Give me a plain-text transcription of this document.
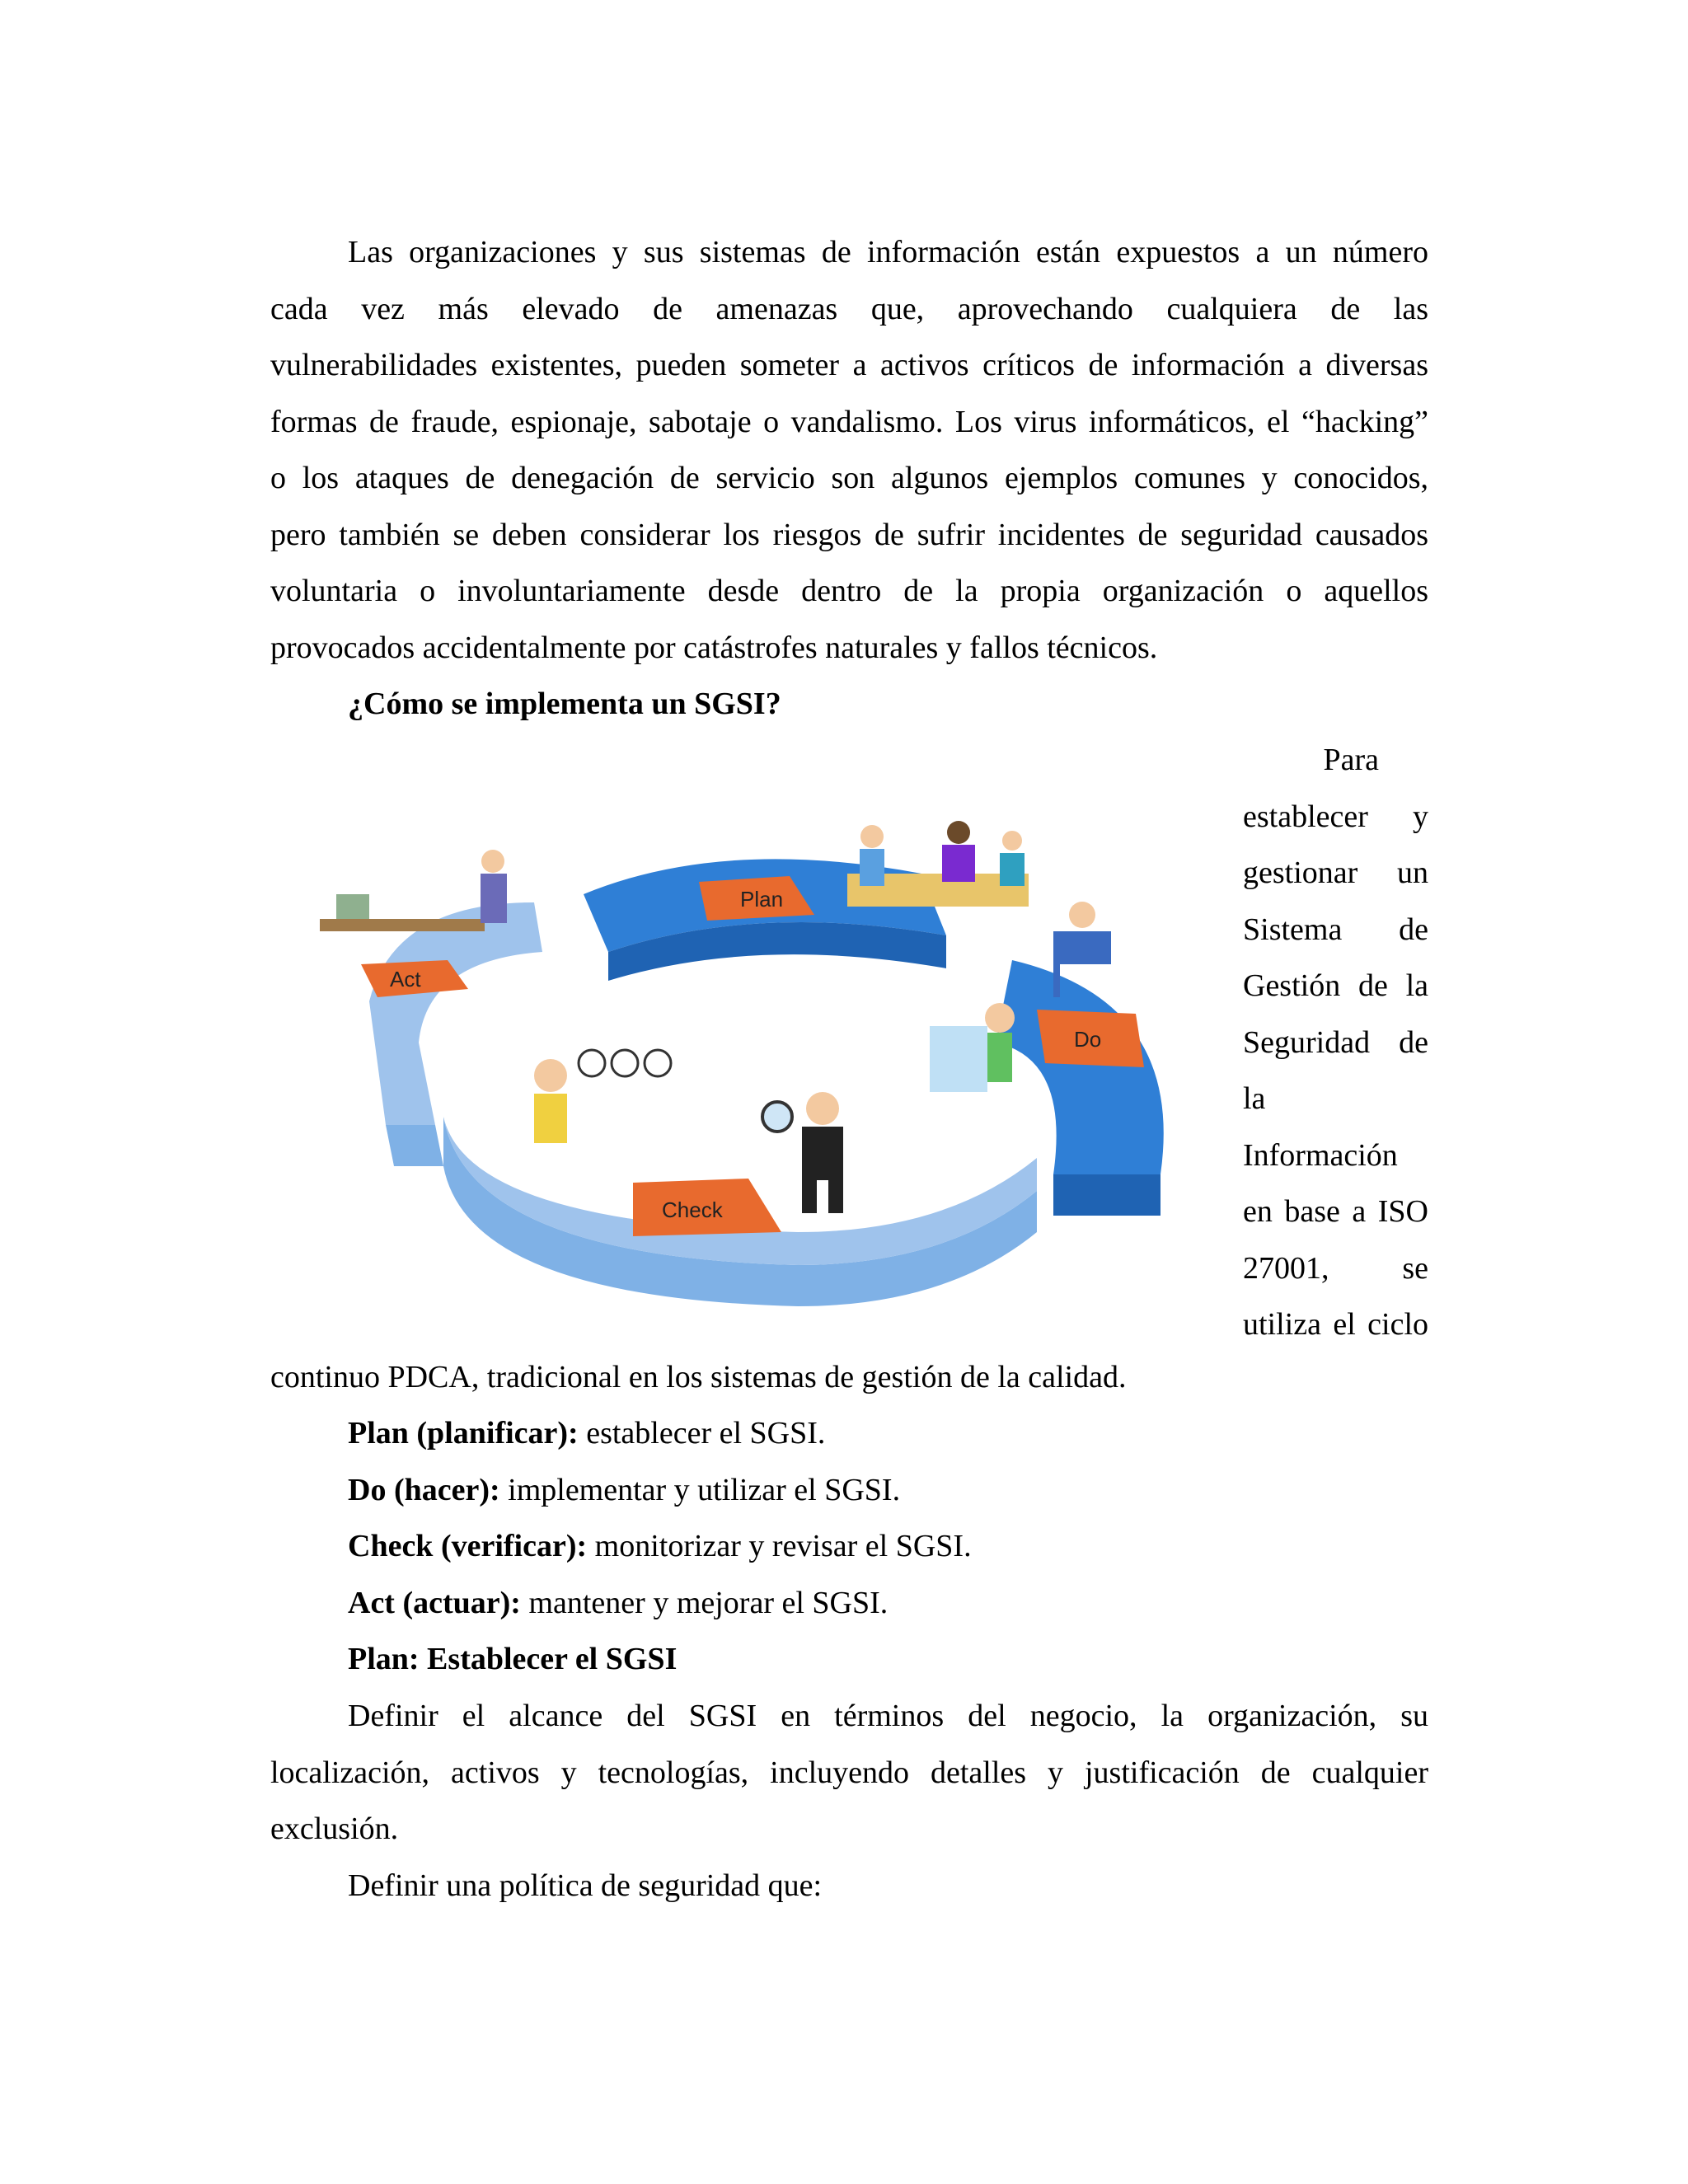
Las organizaciones y sus sistemas de información están expuestos a un número
cada vez más elevado de amenazas que, aprovechando cualquiera de las
vulnerabilidades existentes, pueden someter a activos críticos de información a diversas
formas de fraude, espionaje, sabotaje o vandalismo. Los virus informáticos, el “hacking”
o los ataques de denegación de servicio son algunos ejemplos comunes y conocidos,
pero también se deben considerar los riesgos de sufrir incidentes de seguridad causados
voluntaria o involuntariamente desde dentro de la propia organización o aquellos
provocados accidentalmente por catástrofes naturales y fallos técnicos.
¿Cómo se implementa un SGSI?
Plan
Do
Check
Act
Para
establecer y
gestionar un
Sistema de
Gestión de la
Seguridad de
la
Información
en base a ISO
27001, se
utiliza el ciclo
continuo PDCA, tradicional en los sistemas de gestión de la calidad.
Plan (planificar): establecer el SGSI.
Do (hacer): implementar y utilizar el SGSI.
Check (verificar): monitorizar y revisar el SGSI.
Act (actuar): mantener y mejorar el SGSI.
Plan: Establecer el SGSI
Definir el alcance del SGSI en términos del negocio, la organización, su
localización, activos y tecnologías, incluyendo detalles y justificación de cualquier
exclusión.
Definir una política de seguridad que:
